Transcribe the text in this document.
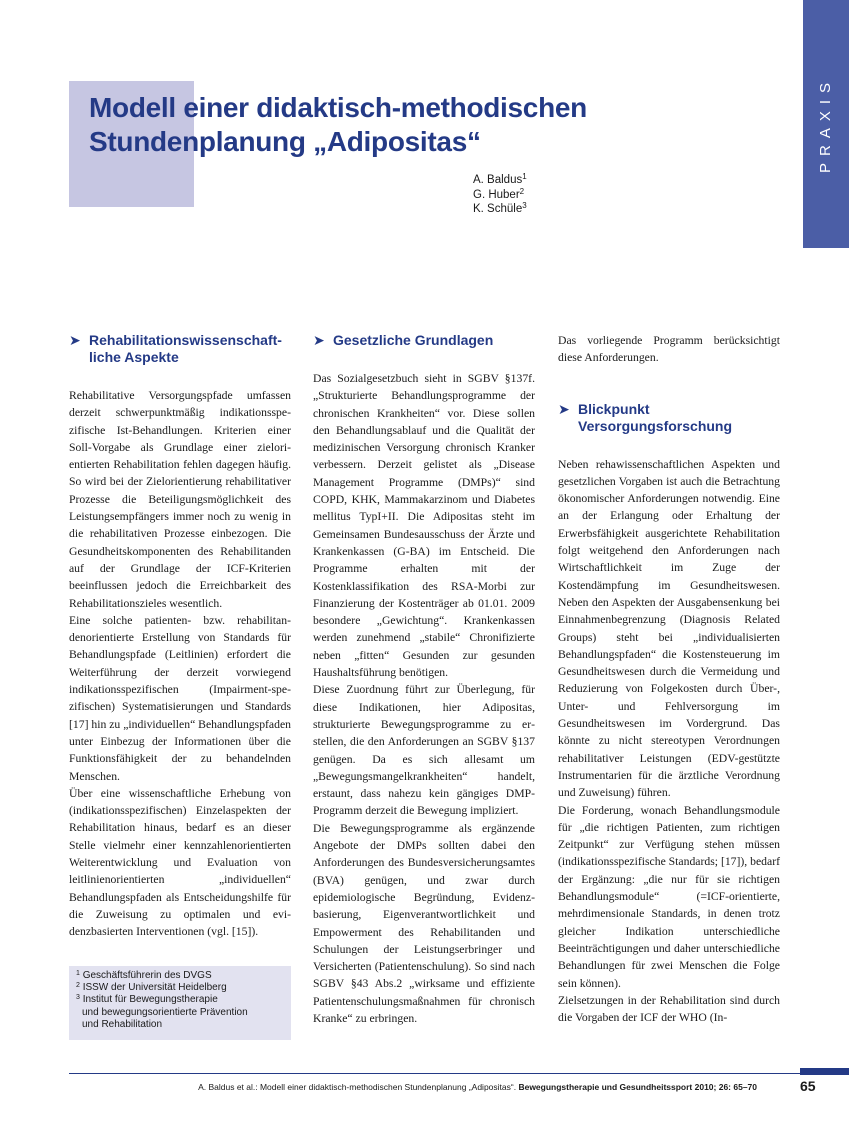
PRAXIS
Modell einer didaktisch-methodischen
Stundenplanung „Adipositas“
A. Baldus$^1$
G. Huber$^2$
K. Schüle$^3$
➤ Rehabilitationswissenschaftliche Aspekte

Rehabilitative Versorgungspfade umfassen derzeit schwerpunktmäßig indikationsspezifische Ist-Behandlungen. Kriterien einer Soll-Vorgabe als Grundlage einer zielorientierten Rehabilitation fehlen dagegen häufig. So wird bei der Zielorientierung rehabilitativer Prozesse die Beteiligungsmöglichkeit des Leistungsempfängers immer noch zu wenig in die rehabilitativen Prozesse einbezogen. Die Gesundheitskomponenten des Rehabilitanden auf der Grundlage der ICF-Kriterien beeinflussen jedoch die Erreichbarkeit des Rehabilitationszieles wesentlich.

Eine solche patienten- bzw. rehabilitandenorientierte Erstellung von Standards für Behandlungspfade (Leitlinien) erfordert die Weiterführung der derzeit vorwiegend indikationsspezifischen (Impairment-spezifischen) Systematisierungen und Standards [17] hin zu „individuellen“ Behandlungspfaden unter Einbezug der Informationen über die Funktionsfähigkeit der zu behandelnden Menschen.

Über eine wissenschaftliche Erhebung von (indikationsspezifischen) Einzelaspekten der Rehabilitation hinaus, bedarf es an dieser Stelle vielmehr einer kennzahlenorientierten Weiterentwicklung und Evaluation von leitlinienorientierten „individuellen“ Behandlungspfaden als Entscheidungshilfe für die Zuweisung zu optimalen und evidenzbasierten Interventionen (vgl. [15]).

➤ Gesetzliche Grundlagen

Das Sozialgesetzbuch sieht in SGBV §137f. „Strukturierte Behandlungsprogramme der chronischen Krankheiten“ vor. Diese sollen den Behandlungsablauf und die Qualität der medizinischen Versorgung chronisch Kranker verbessern. Derzeit gelistet als „Disease Management Programme (DMPs)“ sind COPD, KHK, Mammakarzinom und Diabetes mellitus TypI+II. Die Adipositas steht im Gemeinsamen Bundesausschuss der Ärzte und Krankenkassen (G-BA) im Entscheid. Die Programme erhalten mit der Kostenklassifikation des RSA-Morbi zur Finanzierung der Kostenträger ab 01.01. 2009 besondere „Gewichtung“. Krankenkassen werden zunehmend „stabile“ Chronifizierte neben „fitten“ Gesunden zur gesunden Haushaltsführung benötigen.

Diese Zuordnung führt zur Überlegung, für diese Indikationen, hier Adipositas, strukturierte Bewegungsprogramme zu erstellen, die den Anforderungen an SGBV §137 genügen. Da es sich allesamt um „Bewegungsmangelkrankheiten“ handelt, erstaunt, dass nahezu kein gängiges DMP-Programm derzeit die Bewegung impliziert.

Die Bewegungsprogramme als ergänzende Angebote der DMPs sollten dabei den Anforderungen des Bundesversicherungsamtes (BVA) genügen, und zwar durch epidemiologische Begründung, Evidenzbasierung, Eigenverantwortlichkeit und Empowerment des Rehabilitanden und Schulungen der Leistungserbringer und Versicherten (Patientenschulung). So sind nach SGBV §43 Abs.2 „wirksame und effiziente Patientenschulungsmaßnahmen für chronisch Kranke“ zu erbringen.

Das vorliegende Programm berücksichtigt diese Anforderungen.

➤ Blickpunkt Versorgungsforschung

Neben rehawissenschaftlichen Aspekten und gesetzlichen Vorgaben ist auch die Betrachtung ökonomischer Anforderungen notwendig. Eine an der Erlangung oder Erhaltung der Erwerbsfähigkeit ausgerichtete Rehabilitation folgt weitgehend den Anforderungen nach Wirtschaftlichkeit im Zuge der Kostendämpfung im Gesundheitswesen. Neben den Aspekten der Ausgabensenkung bei Einnahmenbegrenzung (Diagnosis Related Groups) steht bei „individualisierten Behandlungspfaden“ die Kostensteuerung im Gesundheitswesen durch die Vermeidung und Reduzierung von Folgekosten durch Über-, Unter- und Fehlversorgung im Gesundheitswesen im Vordergrund. Das könnte zu nicht stereotypen Verordnungen rehabilitativer Leistungen (EDV-gestützte Instrumentarien für die ärztliche Verordnung und Zuweisung) führen.

Die Forderung, wonach Behandlungsmodule für „die richtigen Patienten, zum richtigen Zeitpunkt“ zur Verfügung stehen müssen (indikationsspezifische Standards; [17]), bedarf der Ergänzung: „die nur für sie richtigen Behandlungsmodule“ (=ICF-orientierte, mehrdimensionale Standards, in denen trotz gleicher Indikation unterschiedliche Beeinträchtigungen und daher unterschiedliche Behandlungen für zwei Menschen die Folge sein können).

Zielsetzungen in der Rehabilitation sind durch die Vorgaben der ICF der WHO (In-

$^1$ Geschäftsführerin des DVGS
$^2$ ISSW der Universität Heidelberg
$^3$ Institut für Bewegungstherapie
und bewegungsorientierte Prävention
und Rehabilitation
A. Baldus et al.: Modell einer didaktisch-methodischen Stundenplanung „Adipositas“. Bewegungstherapie und Gesundheitssport 2010; 26: 65–70	65
